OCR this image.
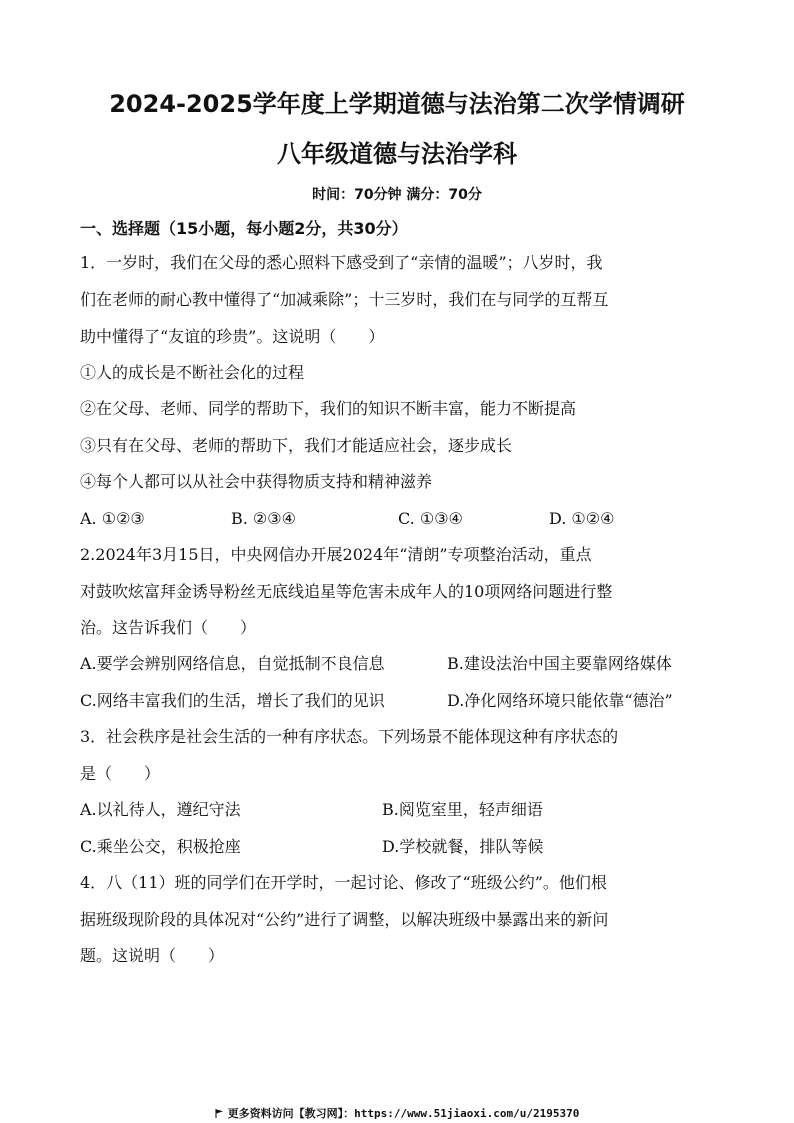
2024-2025学年度上学期道德与法治第二次学情调研
八年级道德与法治学科
时间：70分钟 满分：70分
一、选择题（15小题，每小题2分，共30分）
1．一岁时，我们在父母的悉心照料下感受到了“亲情的温暖”；八岁时，我
们在老师的耐心教中懂得了“加减乘除”；十三岁时，我们在与同学的互帮互
助中懂得了“友谊的珍贵”。这说明（　　）
①人的成长是不断社会化的过程
②在父母、老师、同学的帮助下，我们的知识不断丰富，能力不断提高
③只有在父母、老师的帮助下，我们才能适应社会，逐步成长
④每个人都可以从社会中获得物质支持和精神滋养
A. ①②③	B. ②③④	C. ①③④	D. ①②④
2.2024年3月15日，中央网信办开展2024年“清朗”专项整治活动，重点
对鼓吹炫富拜金诱导粉丝无底线追星等危害未成年人的10项网络问题进行整
治。这告诉我们（　　）
A.要学会辨别网络信息，自觉抵制不良信息	B.建设法治中国主要靠网络媒体
C.网络丰富我们的生活，增长了我们的见识	D.净化网络环境只能依靠“德治”
3．社会秩序是社会生活的一种有序状态。下列场景不能体现这种有序状态的
是（　　）
A.以礼待人，遵纪守法	B.阅览室里，轻声细语
C.乘坐公交，积极抢座	D.学校就餐，排队等候
4．八（11）班的同学们在开学时，一起讨论、修改了“班级公约”。他们根
据班级现阶段的具体况对“公约”进行了调整，以解决班级中暴露出来的新问
题。这说明（　　）
更多资料访问【教习网】：https://www.51jiaoxi.com/u/2195370
